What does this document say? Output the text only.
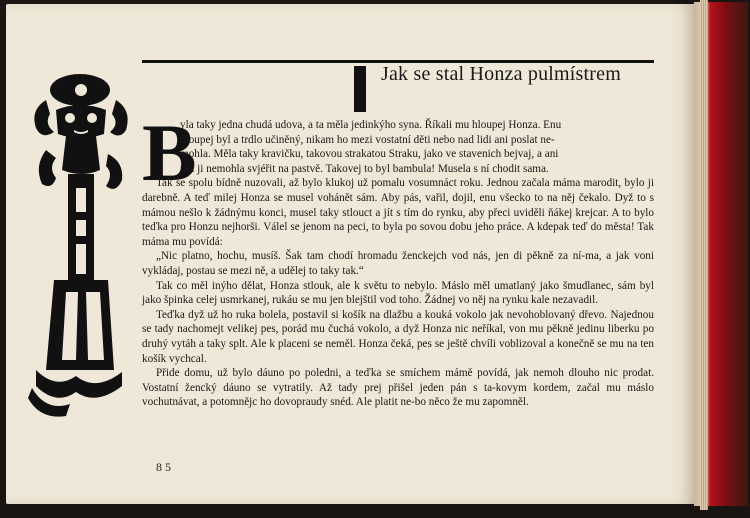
Jak se stal Honza pulmístrem
B

yla taky jedna chudá udova, a ta měla jedinkýho syna. Říkali mu hloupej Honza. Enu

hloupej byl a trdlo učiněný, nikam ho mezi vostatní děti nebo nad lidi ani poslat ne-

mohla. Měla taky kravičku, takovou strakatou Straku, jako ve stavenich bejvaj, a ani

mu ji nemohla svjéřit na pastvě. Takovej to byl bambula! Musela s ní chodit sama.

Tak se spolu bídně nuzovali, až bylo klukoj už pomalu vosumnáct roku. Jednou začala máma marodit, bylo ji darebně. A teď milej Honza se musel vohánět sám. Aby pás, vařil, dojil, enu všecko to na něj čekalo. Dyž to s mámou nešlo k žádnýmu konci, musel taky stlouct a jít s tím do rynku, aby přeci uviděli ňákej krejcar. A to bylo teďka pro Honzu nejhorši. Válel se jenom na peci, to byla po sovou dobu jeho práce. A kdepak teď do města! Tak máma mu povídá:

„Nic platno, hochu, musíš. Šak tam chodí hromadu ženckejch vod nás, jen di pěkně za ní-ma, a jak voni vykládaj, postau se mezi ně, a udělej to taky tak.“

Tak co měl inýho dělat, Honza stlouk, ale k světu to nebylo. Máslo měl umatlaný jako šmudlanec, sám byl jako špinka celej usmrkanej, rukáu se mu jen blejštil vod toho. Žádnej vo něj na rynku kale nezavadil.

Teďka dyž už ho ruka bolela, postavil si košík na dlažbu a kouká vokolo jak nevohoblovaný dřevo. Najednou se tady nachomejt velikej pes, porád mu čuchá vokolo, a dyž Honza nic neříkal, von mu pěkně jedinu liberku po druhý vytáh a taky splt. Ale k placeni se neměl. Honza čeká, pes se ještě chvíli voblizoval a konečně se mu na ten košík vychcal.

Přide domu, už bylo dáuno po poledni, a teďka se smíchem mámě povídá, jak nemoh dlouho nic prodat. Vostatní žencký dáuno se vytratily. Až tady prej přišel jeden pán s ta-kovym kordem, začal mu máslo vochutnávat, a potomnějc ho dovopraudy snéd. Ale platit ne-bo něco že mu zapomněl.

85
